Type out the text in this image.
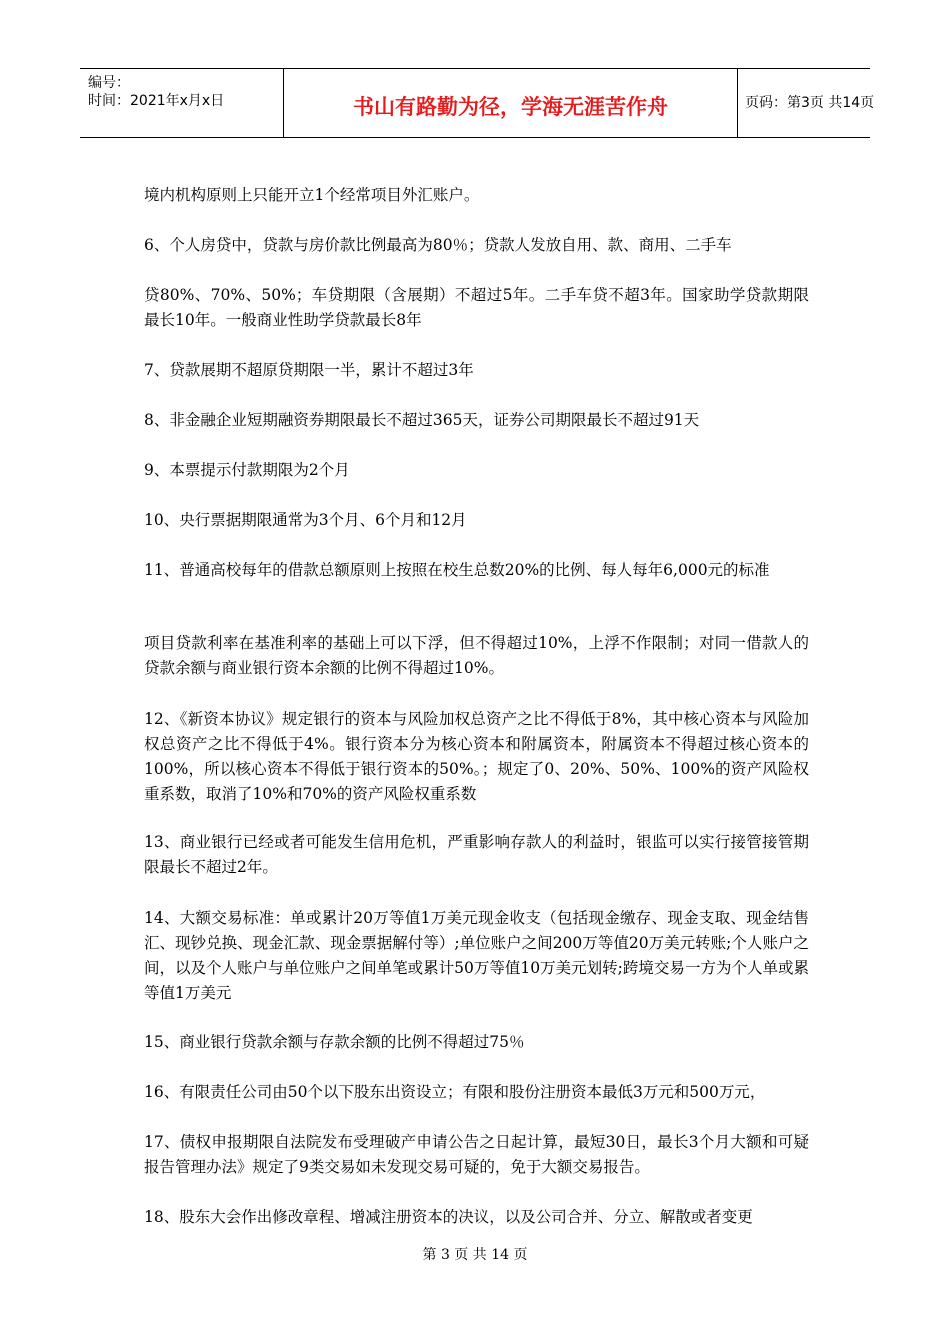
编号：
时间：2021年x月x日	书山有路勤为径，学海无涯苦作舟	页码：第3页 共14页
境内机构原则上只能开立1个经常项目外汇账户。
6、个人房贷中，贷款与房价款比例最高为80％；贷款人发放自用、款、商用、二手车
贷80%、70%、50%；车贷期限（含展期）不超过5年。二手车贷不超3年。国家助学贷款期限最长10年。一般商业性助学贷款最长8年
7、贷款展期不超原贷期限一半，累计不超过3年
8、非金融企业短期融资券期限最长不超过365天，证券公司期限最长不超过91天
9、本票提示付款期限为2个月
10、央行票据期限通常为3个月、6个月和12月
11、普通高校每年的借款总额原则上按照在校生总数20%的比例、每人每年6,000元的标准
项目贷款利率在基准利率的基础上可以下浮，但不得超过10%，上浮不作限制；对同一借款人的贷款余额与商业银行资本余额的比例不得超过10%。
12、《新资本协议》规定银行的资本与风险加权总资产之比不得低于8%，其中核心资本与风险加权总资产之比不得低于4%。银行资本分为核心资本和附属资本，附属资本不得超过核心资本的100%，所以核心资本不得低于银行资本的50%。；规定了0、20%、50%、100%的资产风险权重系数，取消了10%和70%的资产风险权重系数
13、商业银行已经或者可能发生信用危机，严重影响存款人的利益时，银监可以实行接管接管期限最长不超过2年。
14、大额交易标准：单或累计20万等值1万美元现金收支（包括现金缴存、现金支取、现金结售汇、现钞兑换、现金汇款、现金票据解付等）;单位账户之间200万等值20万美元转账;个人账户之间，以及个人账户与单位账户之间单笔或累计50万等值10万美元划转;跨境交易一方为个人单或累等值1万美元
15、商业银行贷款余额与存款余额的比例不得超过75％
16、有限责任公司由50个以下股东出资设立；有限和股份注册资本最低3万元和500万元，
17、债权申报期限自法院发布受理破产申请公告之日起计算，最短30日，最长3个月大额和可疑报告管理办法》规定了9类交易如未发现交易可疑的，免于大额交易报告。
18、股东大会作出修改章程、增减注册资本的决议，以及公司合并、分立、解散或者变更
第 3 页 共 14 页
